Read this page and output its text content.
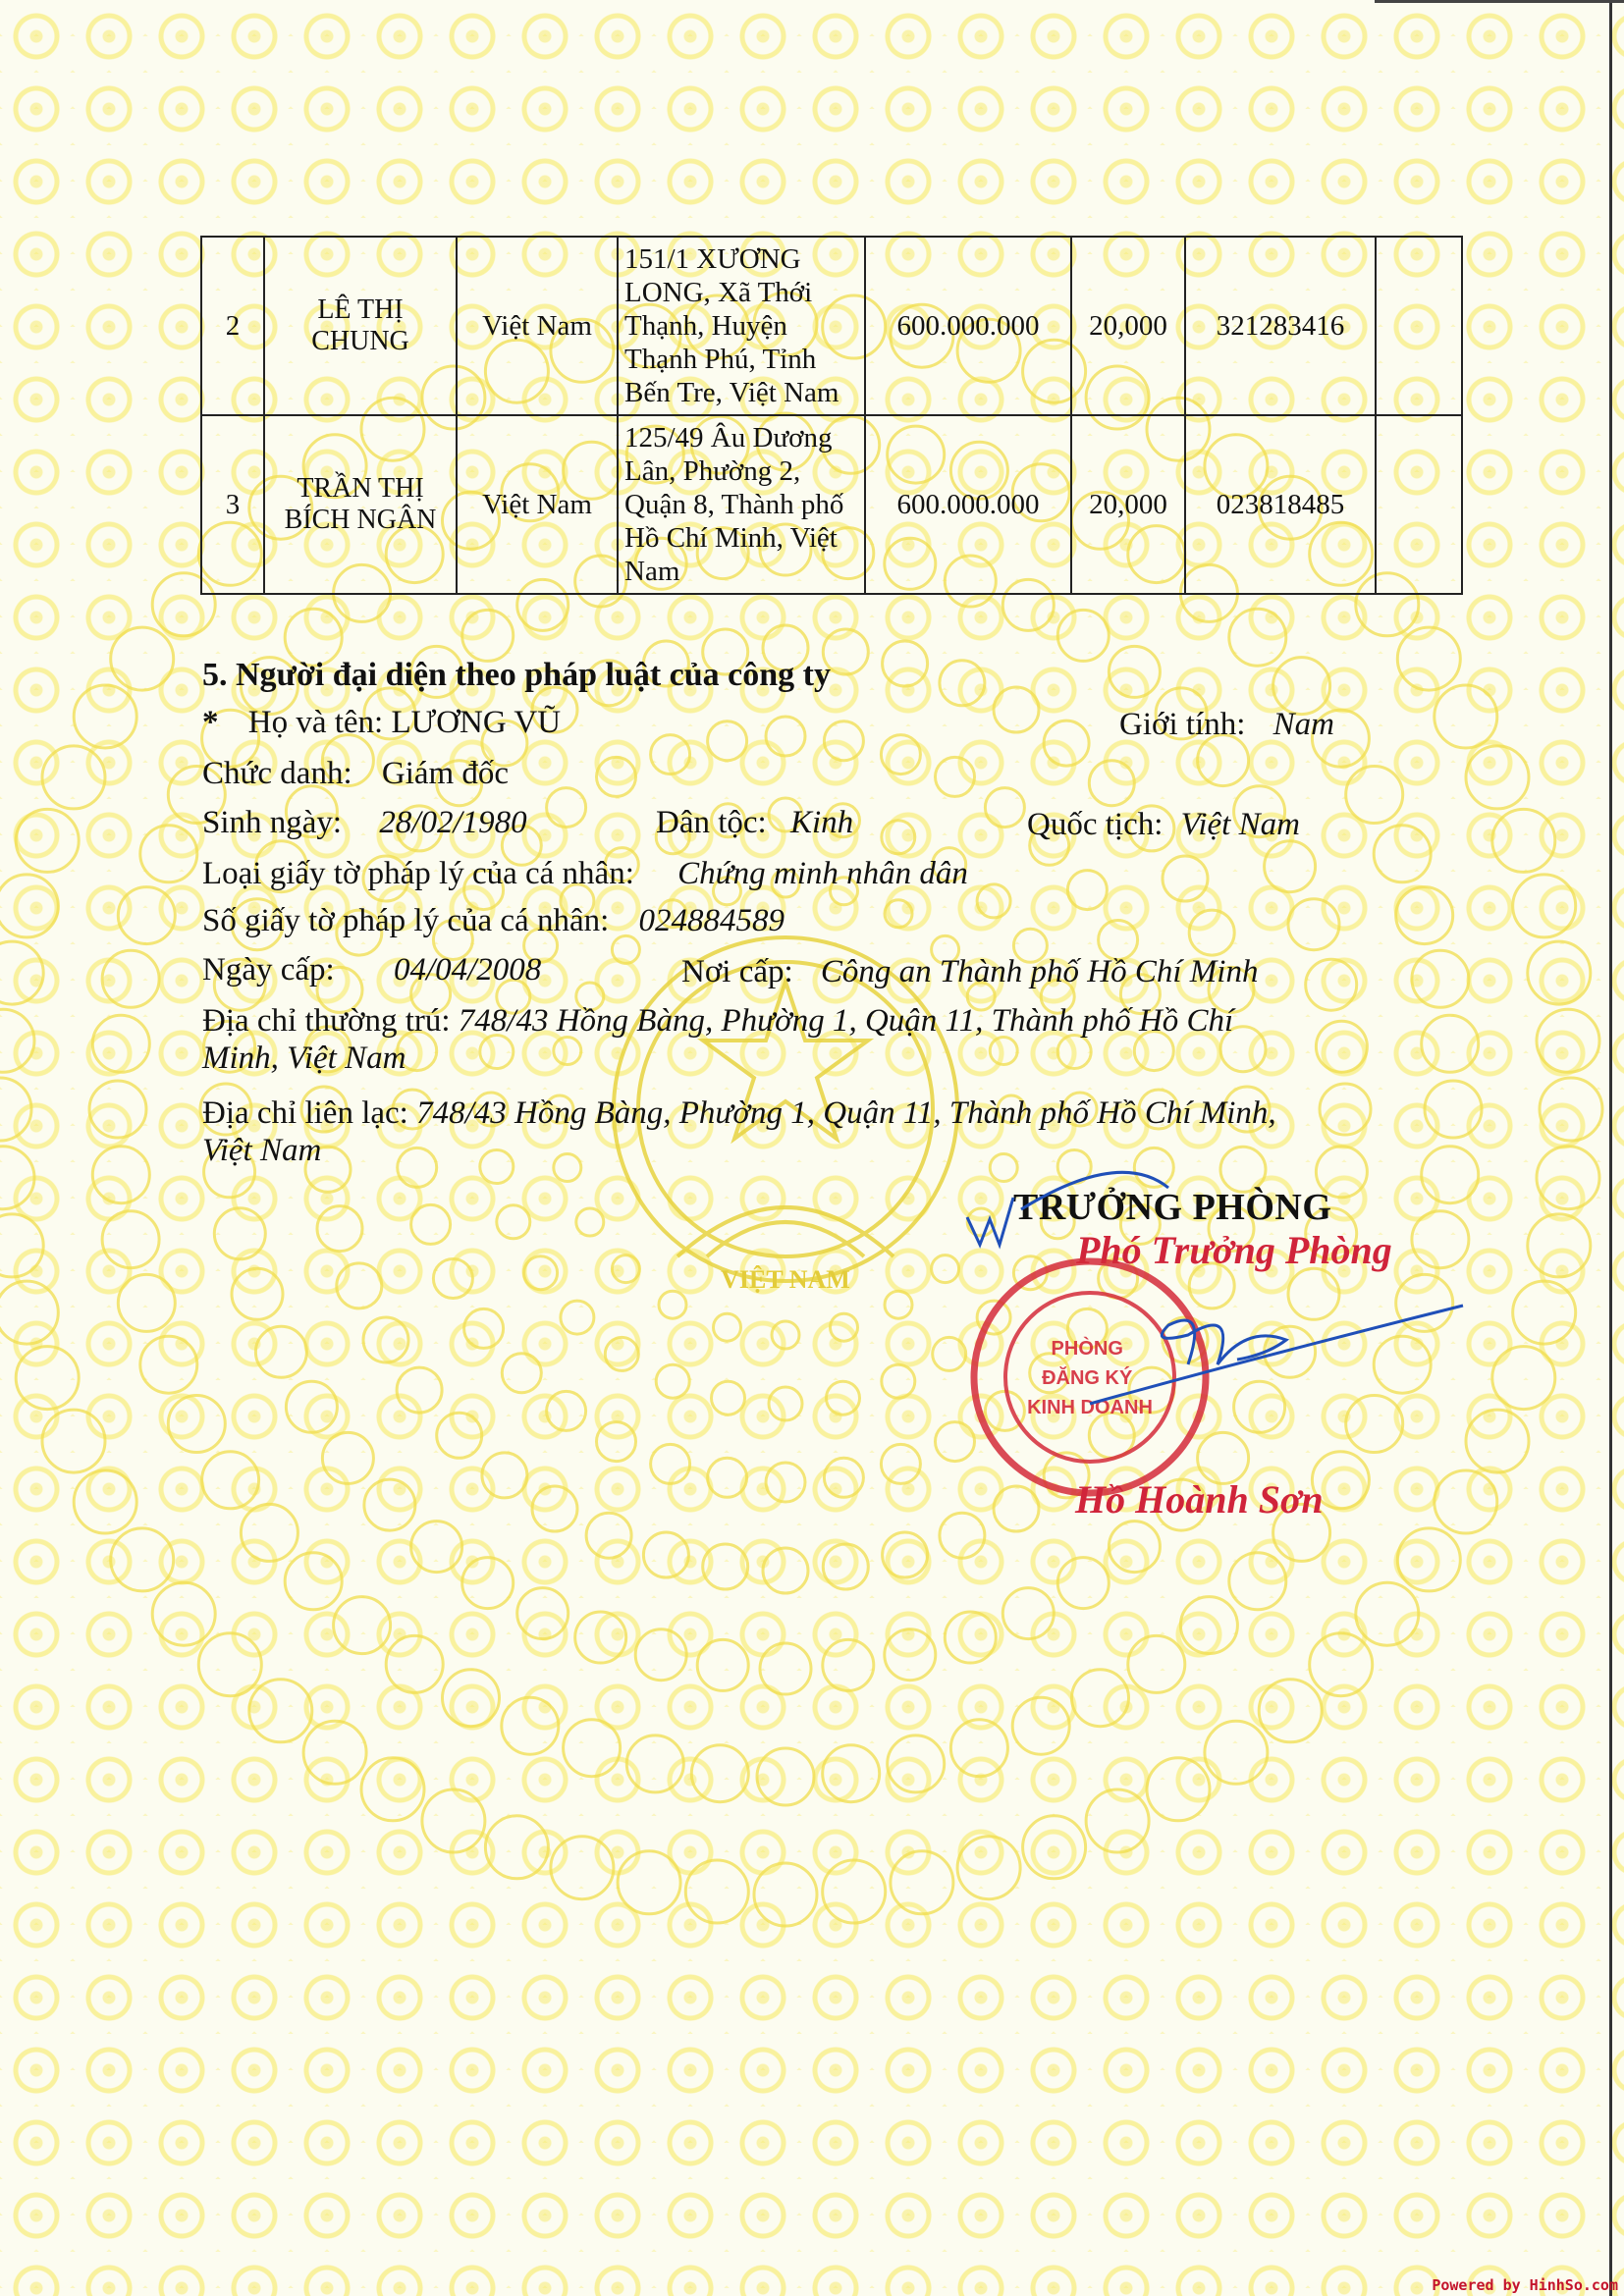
VIỆT NAM
2	LÊ THỊ CHUNG	Việt Nam	151/1 XƯƠNG LONG, Xã Thới Thạnh, Huyện Thạnh Phú, Tỉnh Bến Tre, Việt Nam	600.000.000	20,000	321283416	
3	TRẦN THỊ BÍCH NGÂN	Việt Nam	125/49 Âu Dương Lân, Phường 2, Quận 8, Thành phố Hồ Chí Minh, Việt Nam	600.000.000	20,000	023818485	
5. Người đại diện theo pháp luật của công ty
* Họ và tên: LƯƠNG VŨ	Giới tính: Nam
Chức danh: Giám đốc
Sinh ngày: 28/02/1980	Dân tộc: Kinh	Quốc tịch: Việt Nam
Loại giấy tờ pháp lý của cá nhân: Chứng minh nhân dân
Số giấy tờ pháp lý của cá nhân: 024884589
Ngày cấp: 04/04/2008	Nơi cấp: Công an Thành phố Hồ Chí Minh
Địa chỉ thường trú: 748/43 Hồng Bàng, Phường 1, Quận 11, Thành phố Hồ Chí
Minh, Việt Nam
Địa chỉ liên lạc: 748/43 Hồng Bàng, Phường 1, Quận 11, Thành phố Hồ Chí Minh,
Việt Nam
TRƯỞNG PHÒNG
Phó Trưởng Phòng
PHÒNG ĐĂNG KÝ KINH DOANH
Hồ Hoành Sơn
Powered by HinhSo.com
